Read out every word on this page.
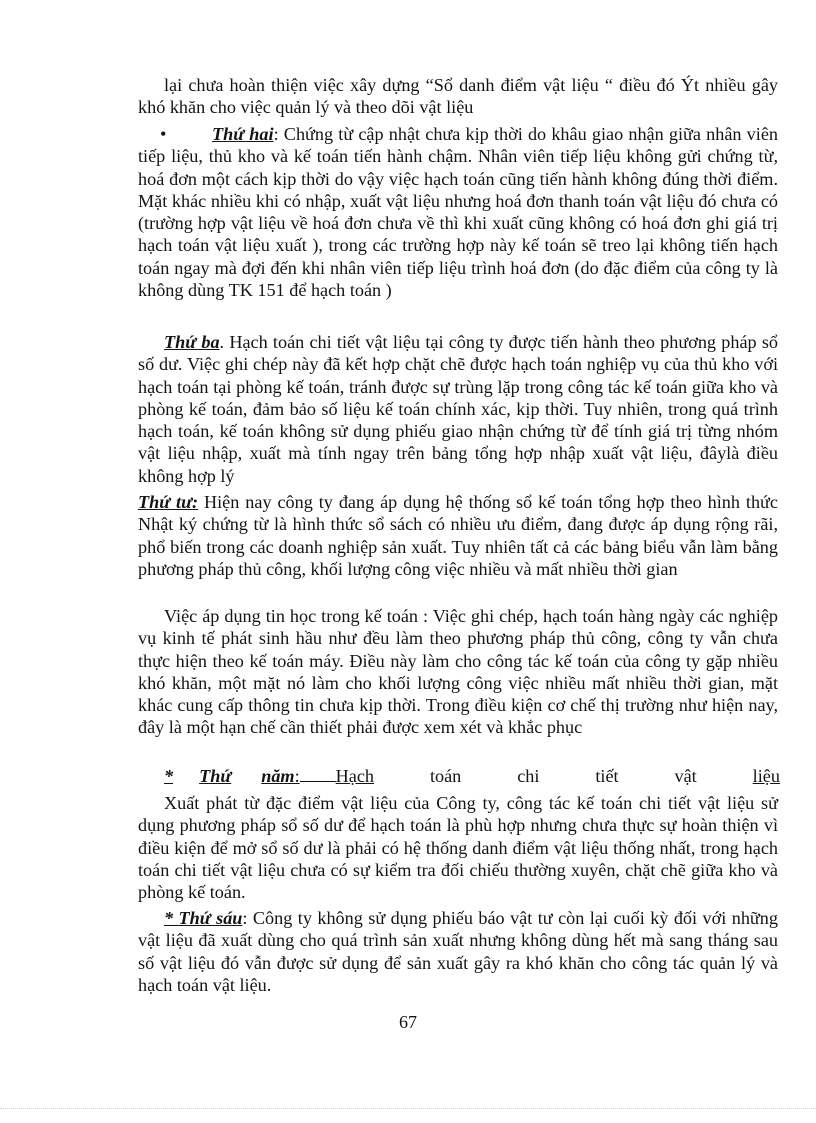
lại chưa hoàn thiện việc xây dựng “Sổ danh điểm vật liệu “ điều đó Ýt nhiều gây khó khăn cho việc quản lý và theo dõi vật liệu
•	Thứ hai: Chứng từ cập nhật chưa kịp thời do khâu giao nhận giữa nhân viên tiếp liệu, thủ kho và kế toán tiến hành chậm. Nhân viên tiếp liệu không gửi chứng từ, hoá đơn một cách kịp thời do vậy việc hạch toán cũng tiến hành không đúng thời điểm. Mặt khác nhiều khi có nhập, xuất vật liệu nhưng hoá đơn thanh toán vật liệu đó chưa có (trường hợp vật liệu về hoá đơn chưa về thì khi xuất cũng không có hoá đơn ghi giá trị hạch toán vật liệu xuất ), trong các trường hợp này kế toán sẽ treo lại không tiến hạch toán ngay mà đợi đến khi nhân viên tiếp liệu trình hoá đơn (do đặc điểm của công ty là không dùng TK 151 để hạch toán )
Thứ ba. Hạch toán chi tiết vật liệu tại công ty được tiến hành theo phương pháp sổ số dư. Việc ghi chép này đã kết hợp chặt chẽ được hạch toán nghiệp vụ của thủ kho với hạch toán tại phòng kế toán, tránh được sự trùng lặp trong công tác kế toán giữa kho và phòng kế toán, đảm bảo số liệu kế toán chính xác, kịp thời. Tuy nhiên, trong quá trình hạch toán, kế toán không sử dụng phiếu giao nhận chứng từ để tính giá trị từng nhóm vật liệu nhập, xuất mà tính ngay trên bảng tổng hợp nhập xuất vật liệu, đâylà điều không hợp lý
Thứ tư: Hiện nay công ty đang áp dụng hệ thống sổ kế toán tổng hợp theo hình thức Nhật ký chứng từ là hình thức sổ sách có nhiều ưu điểm, đang được áp dụng rộng rãi, phổ biến trong các doanh nghiệp sản xuất. Tuy nhiên tất cả các bảng biểu vẫn làm bằng phương pháp thủ công, khối lượng công việc nhiều và mất nhiều thời gian
Việc áp dụng tin học trong kế toán : Việc ghi chép, hạch toán hàng ngày các nghiệp vụ kinh tế phát sinh hầu như đều làm theo phương pháp thủ công, công ty vẫn chưa thực hiện theo kế toán máy. Điều này làm cho công tác kế toán của công ty gặp nhiều khó khăn, một mặt nó làm cho khối lượng công việc nhiều mất nhiều thời gian, mặt khác cung cấp thông tin chưa kịp thời. Trong điều kiện cơ chế thị trường như hiện nay, đây là một hạn chế cần thiết phải được xem xét và khắc phục
* Thứ năm: Hạch	toán	chi	tiết	vật	liệu
Xuất phát từ đặc điểm vật liệu của Công ty, công tác kế toán chi tiết vật liệu sử dụng phương pháp sổ số dư để hạch toán là phù hợp nhưng chưa thực sự hoàn thiện vì điều kiện để mở sổ số dư là phải có hệ thống danh điểm vật liệu thống nhất, trong hạch toán chi tiết vật liệu chưa có sự kiểm tra đối chiếu thường xuyên, chặt chẽ giữa kho và phòng kế toán.
* Thứ sáu: Công ty không sử dụng phiếu báo vật tư còn lại cuối kỳ đối với những vật liệu đã xuất dùng cho quá trình sản xuất nhưng không dùng hết mà sang tháng sau số vật liệu đó vẫn được sử dụng để sản xuất gây ra khó khăn cho công tác quản lý và hạch toán vật liệu.
67
